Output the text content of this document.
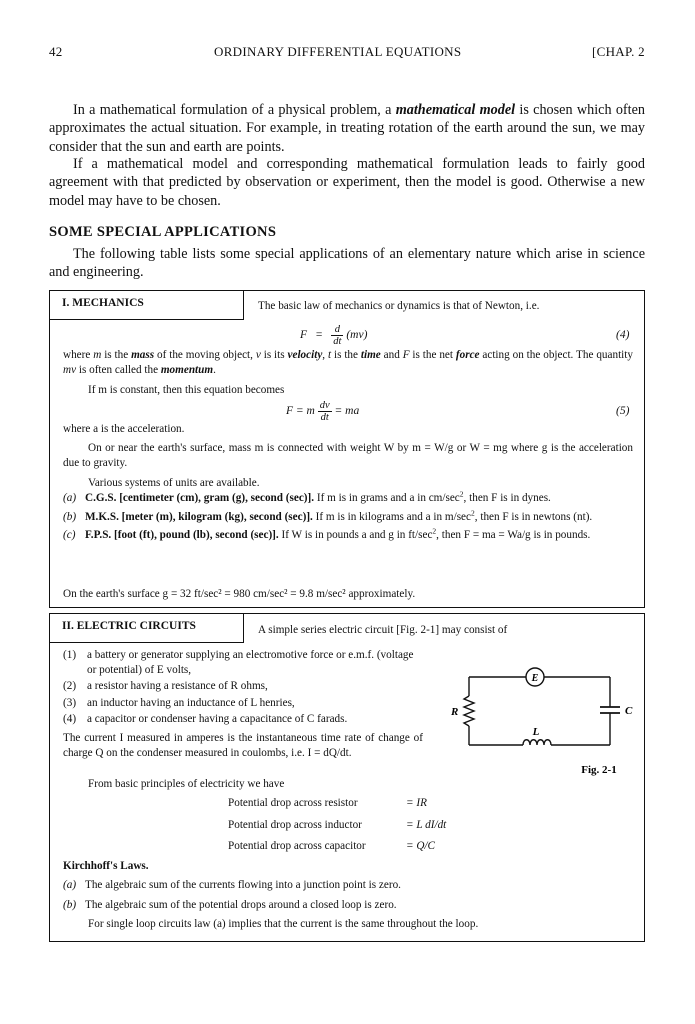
42	ORDINARY DIFFERENTIAL EQUATIONS	[CHAP. 2
In a mathematical formulation of a physical problem, a mathematical model is chosen which often approximates the actual situation. For example, in treating rotation of the earth around the sun, we may consider that the sun and earth are points.
If a mathematical model and corresponding mathematical formulation leads to fairly good agreement with that predicted by observation or experiment, then the model is good. Otherwise a new model may have to be chosen.
SOME SPECIAL APPLICATIONS
The following table lists some special applications of an elementary nature which arise in science and engineering.
I. MECHANICS	The basic law of mechanics or dynamics is that of Newton, i.e.
$F = \frac{d}{dt} (mv)$	(4)
where m is the mass of the moving object, v is its velocity, t is the time and F is the net force acting on the object. The quantity mv is often called the momentum.
If m is constant, then this equation becomes
F = m $\frac{dv}{dt}$ = ma	(5)
where a is the acceleration.
On or near the earth's surface, mass m is connected with weight W by m = W/g or W = mg where g is the acceleration due to gravity.
Various systems of units are available.
(a) C.G.S. [centimeter (cm), gram (g), second (sec)]. If m is in grams and a in $cm/\sec^2$, then F is in dynes.
(b) M.K.S. [meter (m), kilogram (kg), second (sec)]. If m is in kilograms and a in $m/\sec^2$, then F is in newtons (nt).
(c) F.P.S. [foot (ft), pound (lb), second (sec)]. If W is in pounds a and g in $ft/\sec^2$, then F = ma = Wa/g is in pounds.
On the earth's surface g = 32 ft/sec² = 980 cm/sec² = 9.8 m/sec² approximately.
II. ELECTRIC CIRCUITS	A simple series electric circuit [Fig. 2-1] may consist of
(1) a battery or generator supplying an electromotive force or e.m.f. (voltage or potential) of E volts,
(2) a resistor having a resistance of R ohms,
(3) an inductor having an inductance of L henries,
(4) a capacitor or condenser having a capacitance of C farads.
The current I measured in amperes is the instantaneous time rate of change of charge Q on the condenser measured in coulombs, i.e. I = dQ/dt.
From basic principles of electricity we have
Potential drop across resistor	= IR
Potential drop across inductor	= L dI/dt
Potential drop across capacitor	= Q/C
Kirchhoff's Laws.
(a) The algebraic sum of the currents flowing into a junction point is zero.
(b) The algebraic sum of the potential drops around a closed loop is zero.
For single loop circuits law (a) implies that the current is the same throughout the loop.
E
R
L
C
Fig. 2-1
